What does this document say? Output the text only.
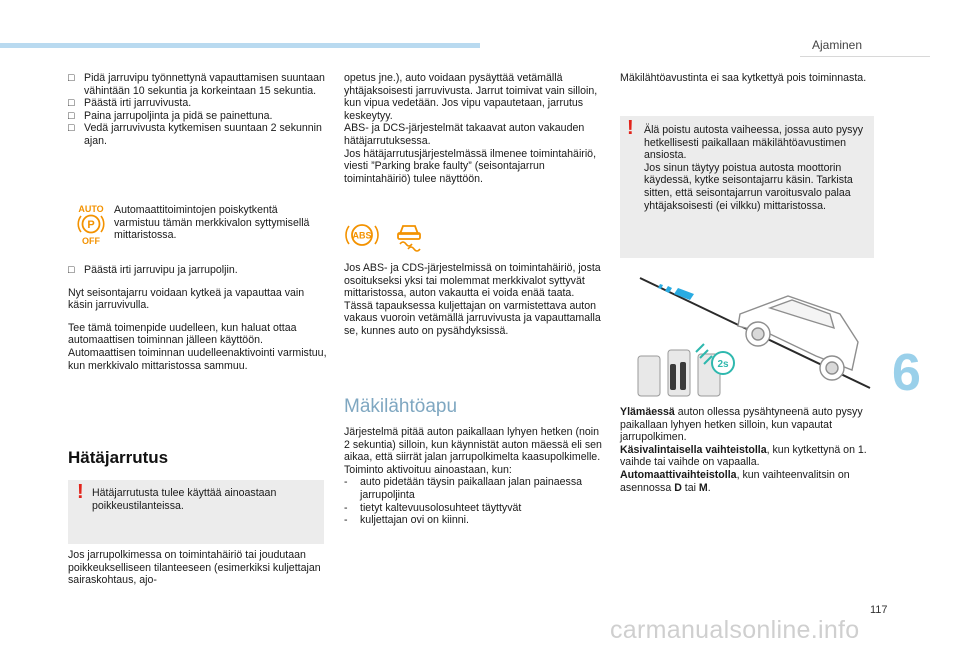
Ajaminen
6
117
carmanualsonline.info
□ Pidä jarruvipu työnnettynä vapauttamisen suuntaan vähintään 10 sekuntia ja korkeintaan 15 sekuntia.
□ Päästä irti jarruvivusta.
□ Paina jarrupoljinta ja pidä se painettuna.
□ Vedä jarruvivusta kytkemisen suuntaan 2 sekunnin ajan.
AUTO
P
OFF

Automaattitoimintojen poiskytkentä varmistuu tämän merkkivalon syttymisellä mittaristossa.

□ Päästä irti jarruvipu ja jarrupoljin.

Nyt seisontajarru voidaan kytkeä ja vapauttaa vain käsin jarruvivulla.

Tee tämä toimenpide uudelleen, kun haluat ottaa automaattisen toiminnan jälleen käyttöön. Automaattisen toiminnan uudelleenaktivointi varmistuu, kun merkkivalo mittaristossa sammuu.

Hätäjarrutus
! Hätäjarrutusta tulee käyttää ainoastaan poikkeustilanteissa.

Jos jarrupolkimessa on toimintahäiriö tai joudutaan poikkeukselliseen tilanteeseen (esimerkiksi kuljettajan sairaskohtaus, ajo-

opetus jne.), auto voidaan pysäyttää vetämällä yhtäjaksoisesti jarruvivusta. Jarrut toimivat vain silloin, kun vipua vedetään. Jos vipu vapautetaan, jarrutus keskeytyy.

ABS- ja DCS-järjestelmät takaavat auton vakauden hätäjarrutuksessa.

Jos hätäjarrutusjärjestelmässä ilmenee toimintahäiriö, viesti ”Parking brake faulty” (seisontajarrun toimintahäiriö) tulee näyttöön.

ABS

Jos ABS- ja CDS-järjestelmissä on toimintahäiriö, josta osoitukseksi yksi tai molemmat merkkivalot syttyvät mittaristossa, auton vakautta ei voida enää taata.

Tässä tapauksessa kuljettajan on varmistettava auton vakaus vuoroin vetämällä jarruvivusta ja vapauttamalla se, kunnes auto on pysähdyksissä.

Mäkilähtöapu

Järjestelmä pitää auton paikallaan lyhyen hetken (noin 2 sekuntia) silloin, kun käynnistät auton mäessä eli sen aikaa, että siirrät jalan jarrupolkimelta kaasupolkimelle.

Toiminto aktivoituu ainoastaan, kun:

-	auto pidetään täysin paikallaan jalan painaessa jarrupoljinta
-	tietyt kaltevuusolosuhteet täyttyvät
-	kuljettajan ovi on kiinni.

Mäkilähtöavustinta ei saa kytkettyä pois toiminnasta.

! Älä poistu autosta vaiheessa, jossa auto pysyy hetkellisesti paikallaan mäkilähtöavustimen ansiosta.

Jos sinun täytyy poistua autosta moottorin käydessä, kytke seisontajarru käsin. Tarkista sitten, että seisontajarrun varoitusvalo palaa yhtäjaksoisesti (ei vilkku) mittaristossa.

2s

Ylämäessä auton ollessa pysähtyneenä auto pysyy paikallaan lyhyen hetken silloin, kun vapautat jarrupolkimen.

Käsivalintaisella vaihteistolla, kun kytkettynä on 1. vaihde tai vaihde on vapaalla.

Automaattivaihteistolla, kun vaihteenvalitsin on asennossa D tai M.
